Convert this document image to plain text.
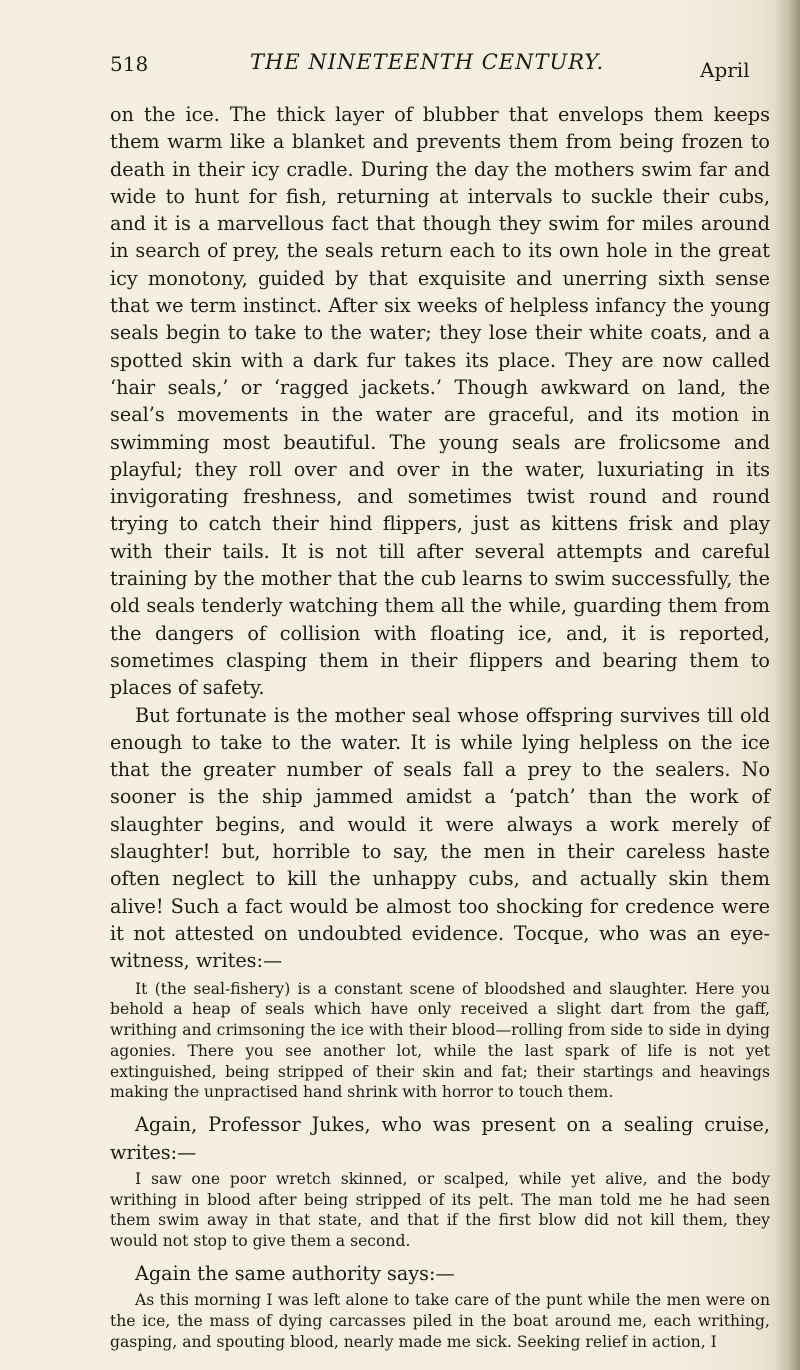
518	THE NINETEENTH CENTURY.	April

on the ice. The thick layer of blubber that envelops them keeps them warm like a blanket and prevents them from being frozen to death in their icy cradle. During the day the mothers swim far and wide to hunt for fish, returning at intervals to suckle their cubs, and it is a marvellous fact that though they swim for miles around in search of prey, the seals return each to its own hole in the great icy monotony, guided by that exquisite and unerring sixth sense that we term instinct. After six weeks of helpless infancy the young seals begin to take to the water; they lose their white coats, and a spotted skin with a dark fur takes its place. They are now called ‘hair seals,’ or ‘ragged jackets.’ Though awkward on land, the seal’s movements in the water are graceful, and its motion in swimming most beautiful. The young seals are frolicsome and playful; they roll over and over in the water, luxuriating in its invigorating freshness, and sometimes twist round and round trying to catch their hind flippers, just as kittens frisk and play with their tails. It is not till after several attempts and careful training by the mother that the cub learns to swim successfully, the old seals tenderly watching them all the while, guarding them from the dangers of collision with floating ice, and, it is reported, sometimes clasping them in their flippers and bearing them to places of safety.

But fortunate is the mother seal whose offspring survives till old enough to take to the water. It is while lying helpless on the ice that the greater number of seals fall a prey to the sealers. No sooner is the ship jammed amidst a ‘patch’ than the work of slaughter begins, and would it were always a work merely of slaughter! but, horrible to say, the men in their careless haste often neglect to kill the unhappy cubs, and actually skin them alive! Such a fact would be almost too shocking for credence were it not attested on undoubted evidence. Tocque, who was an eye-witness, writes:—

It (the seal-fishery) is a constant scene of bloodshed and slaughter. Here you behold a heap of seals which have only received a slight dart from the gaff, writhing and crimsoning the ice with their blood—rolling from side to side in dying agonies. There you see another lot, while the last spark of life is not yet extinguished, being stripped of their skin and fat; their startings and heavings making the unpractised hand shrink with horror to touch them.

Again, Professor Jukes, who was present on a sealing cruise, writes:—

I saw one poor wretch skinned, or scalped, while yet alive, and the body writhing in blood after being stripped of its pelt. The man told me he had seen them swim away in that state, and that if the first blow did not kill them, they would not stop to give them a second.

Again the same authority says:—

As this morning I was left alone to take care of the punt while the men were on the ice, the mass of dying carcasses piled in the boat around me, each writhing, gasping, and spouting blood, nearly made me sick. Seeking relief in action, I
